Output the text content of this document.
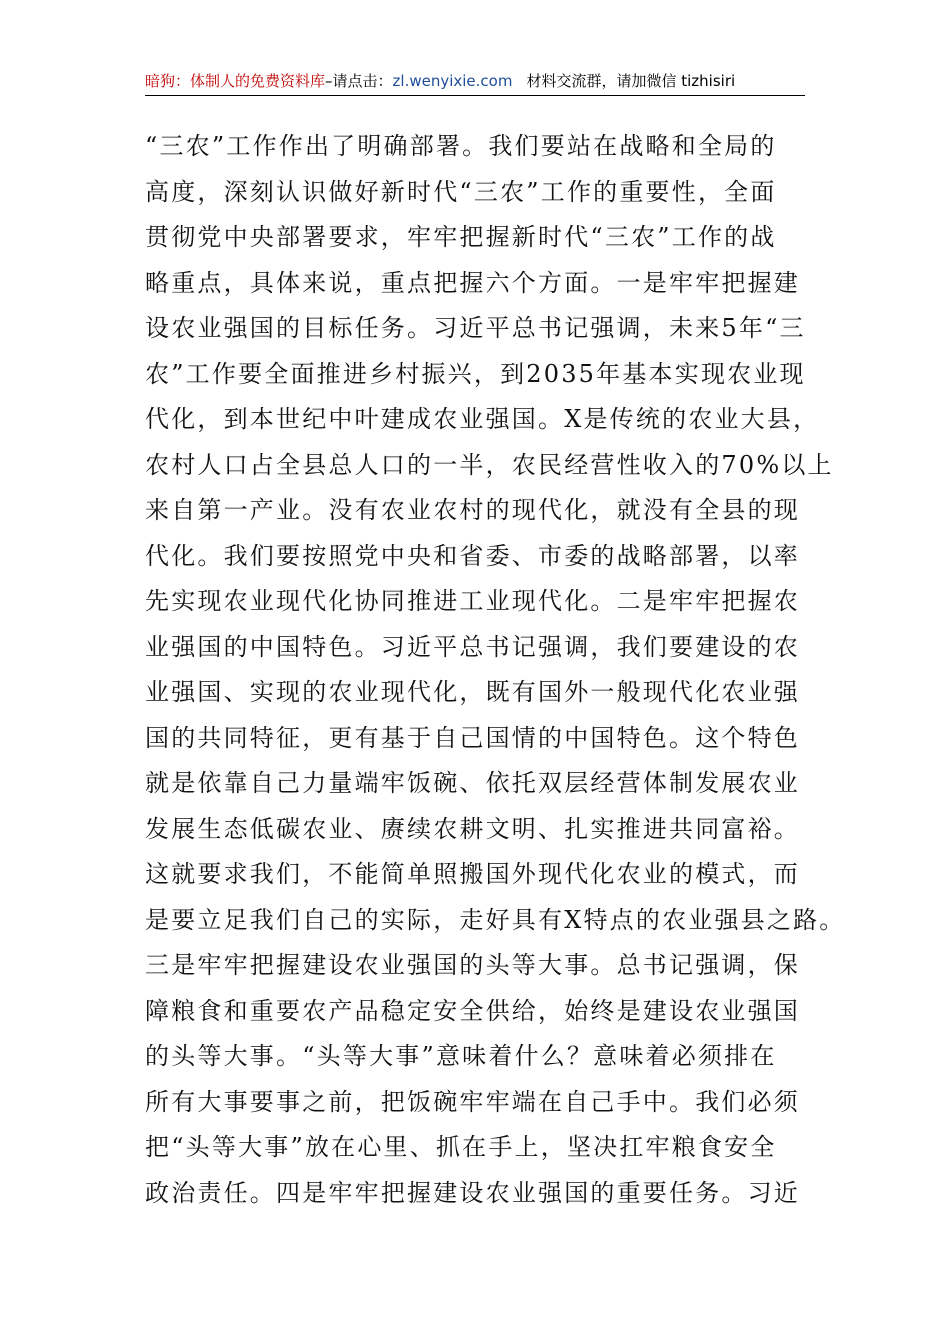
暗狗：体制人的免费资料库–请点击：zl.wenyixie.com 材料交流群，请加微信 tizhisiri
“三农”工作作出了明确部署。我们要站在战略和全局的
高度，深刻认识做好新时代“三农”工作的重要性，全面
贯彻党中央部署要求，牢牢把握新时代“三农”工作的战
略重点，具体来说，重点把握六个方面。一是牢牢把握建
设农业强国的目标任务。习近平总书记强调，未来5年“三
农”工作要全面推进乡村振兴，到2035年基本实现农业现
代化，到本世纪中叶建成农业强国。X是传统的农业大县，
农村人口占全县总人口的一半，农民经营性收入的70%以上
来自第一产业。没有农业农村的现代化，就没有全县的现
代化。我们要按照党中央和省委、市委的战略部署，以率
先实现农业现代化协同推进工业现代化。二是牢牢把握农
业强国的中国特色。习近平总书记强调，我们要建设的农
业强国、实现的农业现代化，既有国外一般现代化农业强
国的共同特征，更有基于自己国情的中国特色。这个特色
就是依靠自己力量端牢饭碗、依托双层经营体制发展农业
发展生态低碳农业、赓续农耕文明、扎实推进共同富裕。
这就要求我们，不能简单照搬国外现代化农业的模式，而
是要立足我们自己的实际，走好具有X特点的农业强县之路。
三是牢牢把握建设农业强国的头等大事。总书记强调，保
障粮食和重要农产品稳定安全供给，始终是建设农业强国
的头等大事。“头等大事”意味着什么？意味着必须排在
所有大事要事之前，把饭碗牢牢端在自己手中。我们必须
把“头等大事”放在心里、抓在手上，坚决扛牢粮食安全
政治责任。四是牢牢把握建设农业强国的重要任务。习近
